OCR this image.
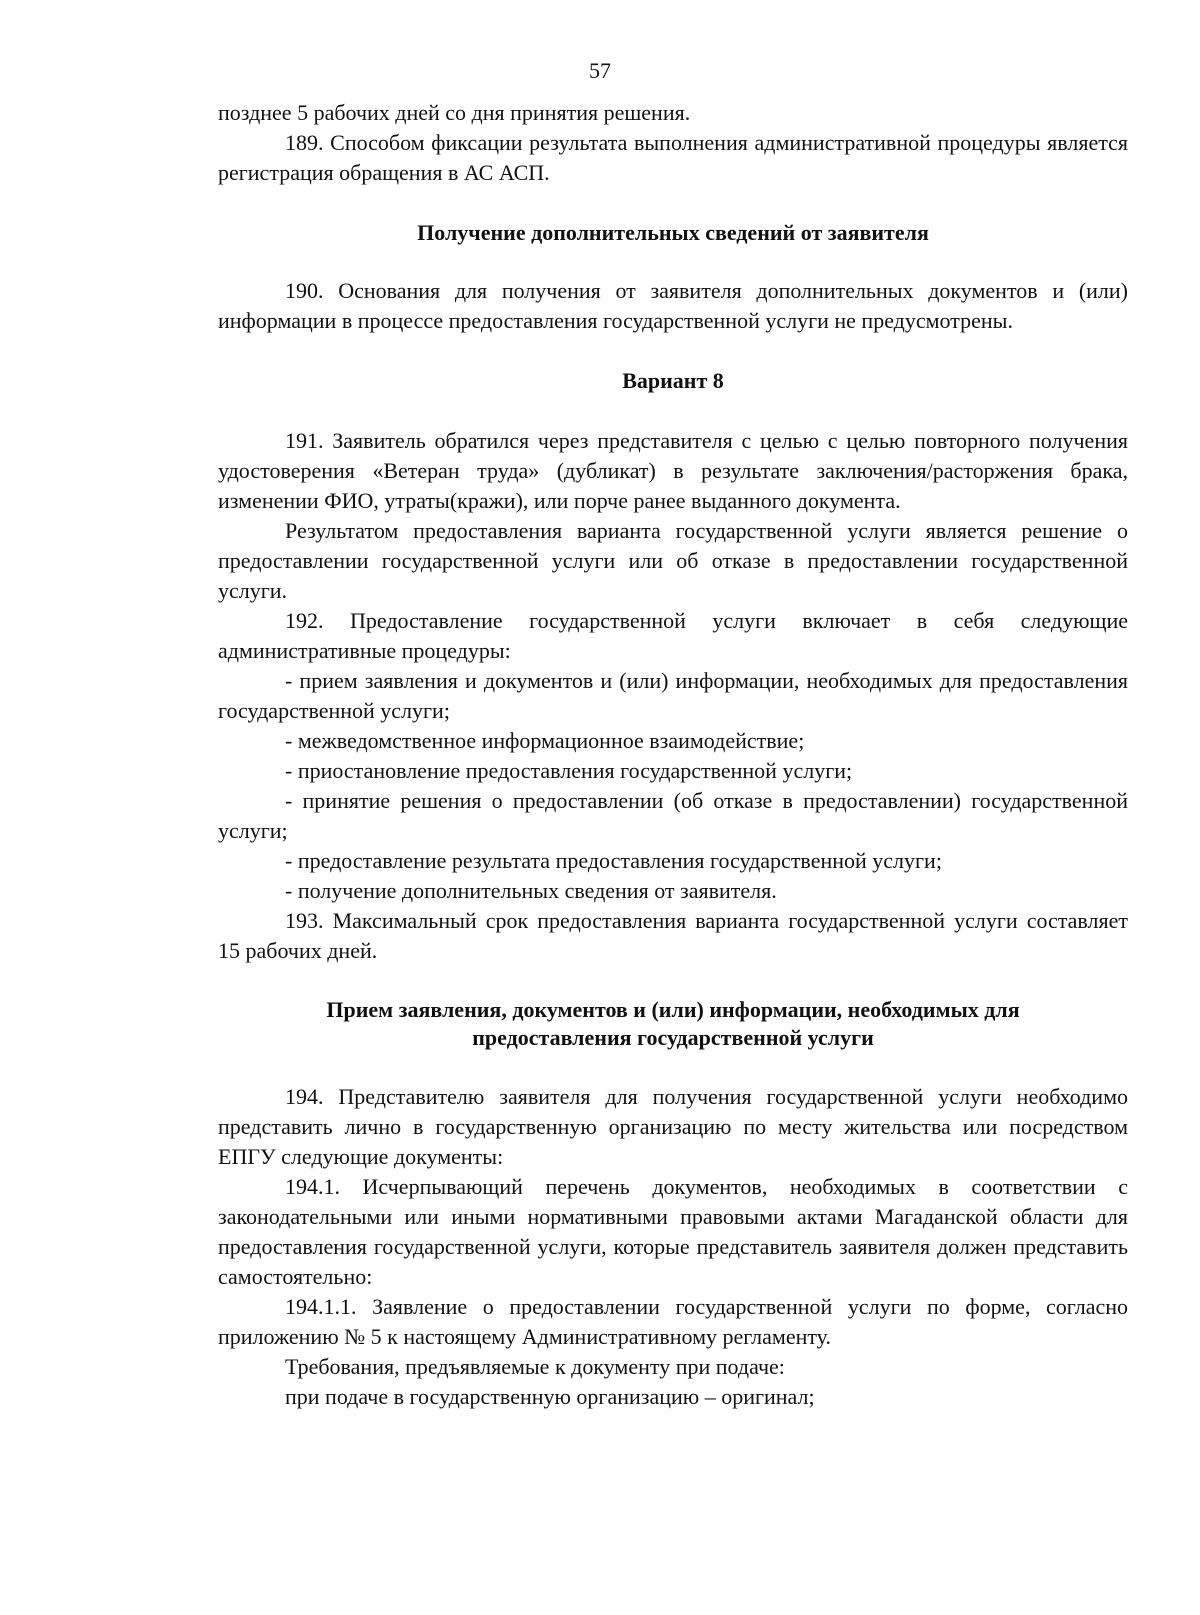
57

позднее 5 рабочих дней со дня принятия решения.

189. Способом фиксации результата выполнения административной процедуры является регистрация обращения в АС АСП.

Получение дополнительных сведений от заявителя

190. Основания для получения от заявителя дополнительных документов и (или) информации в процессе предоставления государственной услуги не предусмотрены.

Вариант 8

191. Заявитель обратился через представителя с целью с целью повторного получения удостоверения «Ветеран труда» (дубликат) в результате заключения/расторжения брака, изменении ФИО, утраты(кражи), или порче ранее выданного документа.

Результатом предоставления варианта государственной услуги является решение о предоставлении государственной услуги или об отказе в предоставлении государственной услуги.

192. Предоставление государственной услуги включает в себя следующие административные процедуры:

- прием заявления и документов и (или) информации, необходимых для предоставления государственной услуги;

- межведомственное информационное взаимодействие;

- приостановление предоставления государственной услуги;

- принятие решения о предоставлении (об отказе в предоставлении) государственной услуги;

- предоставление результата предоставления государственной услуги;

- получение дополнительных сведения от заявителя.

193. Максимальный срок предоставления варианта государственной услуги составляет 15 рабочих дней.

Прием заявления, документов и (или) информации, необходимых для

предоставления государственной услуги

194. Представителю заявителя для получения государственной услуги необходимо представить лично в государственную организацию по месту жительства или посредством ЕПГУ следующие документы:

194.1. Исчерпывающий перечень документов, необходимых в соответствии с законодательными или иными нормативными правовыми актами Магаданской области для предоставления государственной услуги, которые представитель заявителя должен представить самостоятельно:

194.1.1. Заявление о предоставлении государственной услуги по форме, согласно приложению № 5 к настоящему Административному регламенту.

Требования, предъявляемые к документу при подаче:

при подаче в государственную организацию – оригинал;
